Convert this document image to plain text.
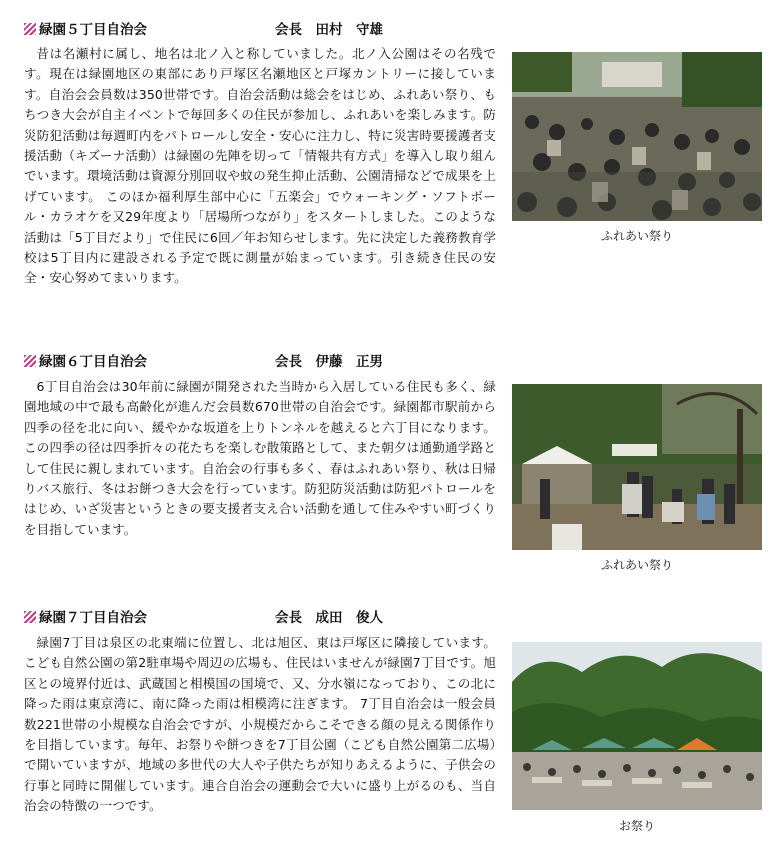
緑園５丁目自治会	会長　田村　守雄
昔は名瀬村に属し、地名は北ノ入と称していました。北ノ入公園はその名残です。現在は緑園地区の東部にあり戸塚区名瀬地区と戸塚カントリーに接しています。自治会会員数は350世帯です。自治会活動は総会をはじめ、ふれあい祭り、もちつき大会が自主イベントで毎回多くの住民が参加し、ふれあいを楽しみます。防災防犯活動は毎週町内をパトロールし安全・安心に注力し、特に災害時要援護者支援活動（キズーナ活動）は緑園の先陣を切って「情報共有方式」を導入し取り組んでいます。環境活動は資源分別回収や蚊の発生抑止活動、公園清掃などで成果を上げています。 このほか福利厚生部中心に「五楽会」でウォーキング・ソフトボール・カラオケを又29年度より「居場所つながり」をスタートしました。このような活動は「5丁目だより」で住民に6回／年お知らせします。先に決定した義務教育学校は5丁目内に建設される予定で既に測量が始まっています。引き続き住民の安全・安心努めてまいります。
ふれあい祭り
緑園６丁目自治会	会長　伊藤　正男
6丁目自治会は30年前に緑園が開発された当時から入居している住民も多く、緑園地域の中で最も高齢化が進んだ会員数670世帯の自治会です。緑園都市駅前から四季の径を北に向い、緩やかな坂道を上りトンネルを越えると六丁目になります。この四季の径は四季折々の花たちを楽しむ散策路として、また朝夕は通勤通学路として住民に親しまれています。自治会の行事も多く、春はふれあい祭り、秋は日帰りバス旅行、冬はお餅つき大会を行っています。防犯防災活動は防犯パトロールをはじめ、いざ災害というときの要支援者支え合い活動を通して住みやすい町づくりを目指しています。
ふれあい祭り
緑園７丁目自治会	会長　成田　俊人
緑園7丁目は泉区の北東端に位置し、北は旭区、東は戸塚区に隣接しています。こども自然公園の第2駐車場や周辺の広場も、住民はいませんが緑園7丁目です。旭区との境界付近は、武蔵国と相模国の国境で、又、分水嶺になっており、この北に降った雨は東京湾に、南に降った雨は相模湾に注ぎます。 7丁目自治会は一般会員数221世帯の小規模な自治会ですが、小規模だからこそできる顔の見える関係作りを目指しています。毎年、お祭りや餅つきを7丁目公園（こども自然公園第二広場）で開いていますが、地域の多世代の大人や子供たちが知りあえるように、子供会の行事と同時に開催しています。連合自治会の運動会で大いに盛り上がるのも、当自治会の特徴の一つです。
お祭り
